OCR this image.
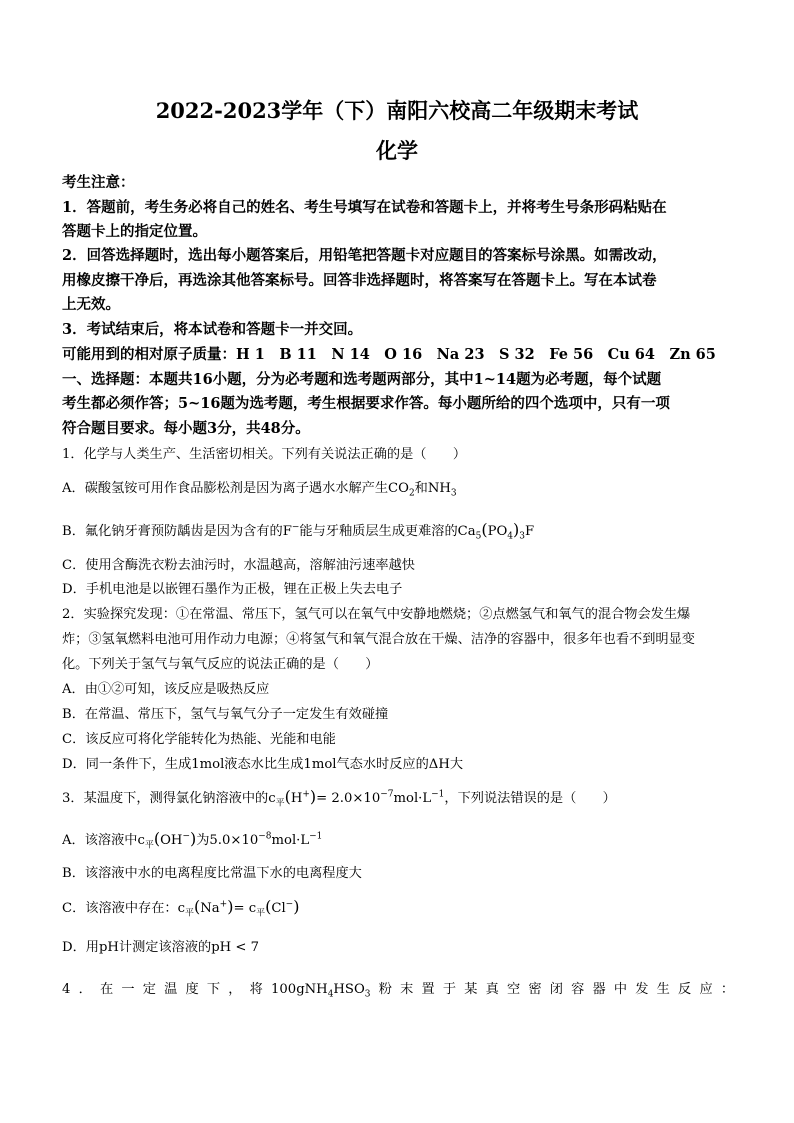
2022-2023学年（下）南阳六校高二年级期末考试
化学
考生注意：
1．答题前，考生务必将自己的姓名、考生号填写在试卷和答题卡上，并将考生号条形码粘贴在
答题卡上的指定位置。
2．回答选择题时，选出每小题答案后，用铅笔把答题卡对应题目的答案标号涂黑。如需改动，
用橡皮擦干净后，再选涂其他答案标号。回答非选择题时，将答案写在答题卡上。写在本试卷
上无效。
3．考试结束后，将本试卷和答题卡一并交回。
可能用到的相对原子质量：H 1　B 11　N 14　O 16　Na 23　S 32　Fe 56　Cu 64　Zn 65
一、选择题：本题共16小题，分为必考题和选考题两部分，其中1~14题为必考题，每个试题
考生都必须作答；5~16题为选考题，考生根据要求作答。每小题所给的四个选项中，只有一项
符合题目要求。每小题3分，共48分。
1．化学与人类生产、生活密切相关。下列有关说法正确的是（　　）
A．碳酸氢铵可用作食品膨松剂是因为离子遇水水解产生$CO_2$和$NH_3$
B．氟化钠牙膏预防龋齿是因为含有的F−能与牙釉质层生成更难溶的$Ca_5(PO_4)_3F$
C．使用含酶洗衣粉去油污时，水温越高，溶解油污速率越快
D．手机电池是以嵌锂石墨作为正极，锂在正极上失去电子
2．实验探究发现：①在常温、常压下，氢气可以在氧气中安静地燃烧；②点燃氢气和氧气的混合物会发生爆
炸；③氢氧燃料电池可用作动力电源；④将氢气和氧气混合放在干燥、洁净的容器中，很多年也看不到明显变
化。下列关于氢气与氧气反应的说法正确的是（　　）
A．由①②可知，该反应是吸热反应
B．在常温、常压下，氢气与氧气分子一定发生有效碰撞
C．该反应可将化学能转化为热能、光能和电能
D．同一条件下，生成1mol液态水比生成1mol气态水时反应的ΔH大
3．某温度下，测得氯化钠溶液中的$c_平(H^+)= 2.0\times 10^{-7}mol\cdot L^{-1}$，下列说法错误的是（　　）
A．该溶液中$c_平(OH^-)$为$5.0\times 10^{-8}mol\cdot L^{-1}$
B．该溶液中水的电离程度比常温下水的电离程度大
C．该溶液中存在：$c_平(Na^+)= c_平(Cl^-)$
D．用pH计测定该溶液的pH < 7
4．在一定温度下，将$100gNH_4HSO_3$粉末置于某真空密闭容器中发生反应：
